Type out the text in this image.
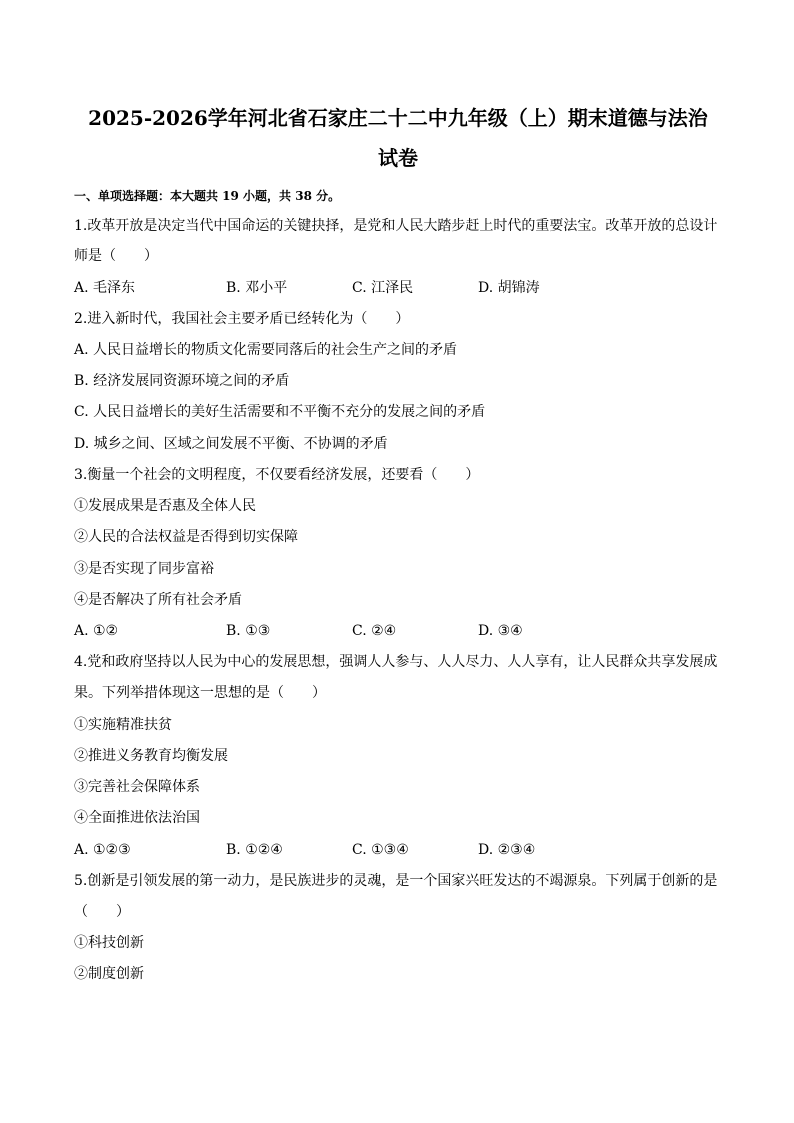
2025-2026学年河北省石家庄二十二中九年级（上）期末道德与法治
试卷
一、单项选择题：本大题共 19 小题，共 38 分。
1.改革开放是决定当代中国命运的关键抉择，是党和人民大踏步赶上时代的重要法宝。改革开放的总设计
师是（　　）
A. 毛泽东	B. 邓小平	C. 江泽民	D. 胡锦涛
2.进入新时代，我国社会主要矛盾已经转化为（　　）
A. 人民日益增长的物质文化需要同落后的社会生产之间的矛盾
B. 经济发展同资源环境之间的矛盾
C. 人民日益增长的美好生活需要和不平衡不充分的发展之间的矛盾
D. 城乡之间、区域之间发展不平衡、不协调的矛盾
3.衡量一个社会的文明程度，不仅要看经济发展，还要看（　　）
①发展成果是否惠及全体人民
②人民的合法权益是否得到切实保障
③是否实现了同步富裕
④是否解决了所有社会矛盾
A. ①②	B. ①③	C. ②④	D. ③④
4.党和政府坚持以人民为中心的发展思想，强调人人参与、人人尽力、人人享有，让人民群众共享发展成
果。下列举措体现这一思想的是（　　）
①实施精准扶贫
②推进义务教育均衡发展
③完善社会保障体系
④全面推进依法治国
A. ①②③	B. ①②④	C. ①③④	D. ②③④
5.创新是引领发展的第一动力，是民族进步的灵魂，是一个国家兴旺发达的不竭源泉。下列属于创新的是
（　　）
①科技创新
②制度创新
